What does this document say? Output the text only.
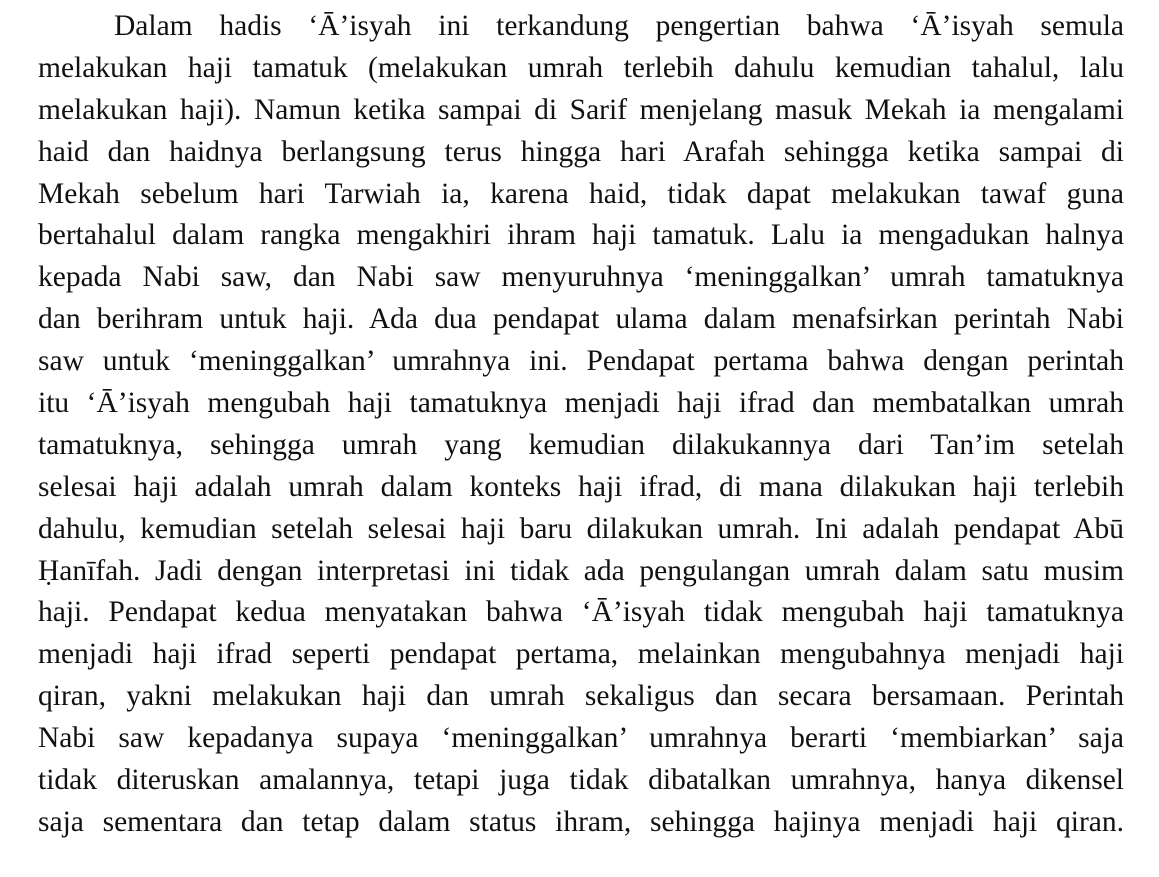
Dalam hadis ‘Ā’isyah ini terkandung pengertian bahwa ‘Ā’isyah semula
melakukan haji tamatuk (melakukan umrah terlebih dahulu kemudian tahalul, lalu
melakukan haji). Namun ketika sampai di Sarif menjelang masuk Mekah ia mengalami
haid dan haidnya berlangsung terus hingga hari Arafah sehingga ketika sampai di
Mekah sebelum hari Tarwiah ia, karena haid, tidak dapat melakukan tawaf guna
bertahalul dalam rangka mengakhiri ihram haji tamatuk. Lalu ia mengadukan halnya
kepada Nabi saw, dan Nabi saw menyuruhnya ‘meninggalkan’ umrah tamatuknya
dan berihram untuk haji. Ada dua pendapat ulama dalam menafsirkan perintah Nabi
saw untuk ‘meninggalkan’ umrahnya ini. Pendapat pertama bahwa dengan perintah
itu ‘Ā’isyah mengubah haji tamatuknya menjadi haji ifrad dan membatalkan umrah
tamatuknya, sehingga umrah yang kemudian dilakukannya dari Tan’im setelah
selesai haji adalah umrah dalam konteks haji ifrad, di mana dilakukan haji terlebih
dahulu, kemudian setelah selesai haji baru dilakukan umrah. Ini adalah pendapat Abū
Ḥanīfah. Jadi dengan interpretasi ini tidak ada pengulangan umrah dalam satu musim
haji. Pendapat kedua menyatakan bahwa ‘Ā’isyah tidak mengubah haji tamatuknya
menjadi haji ifrad seperti pendapat pertama, melainkan mengubahnya menjadi haji
qiran, yakni melakukan haji dan umrah sekaligus dan secara bersamaan. Perintah
Nabi saw kepadanya supaya ‘meninggalkan’ umrahnya berarti ‘membiarkan’ saja
tidak diteruskan amalannya, tetapi juga tidak dibatalkan umrahnya, hanya dikensel
saja sementara dan tetap dalam status ihram, sehingga hajinya menjadi haji qiran.
